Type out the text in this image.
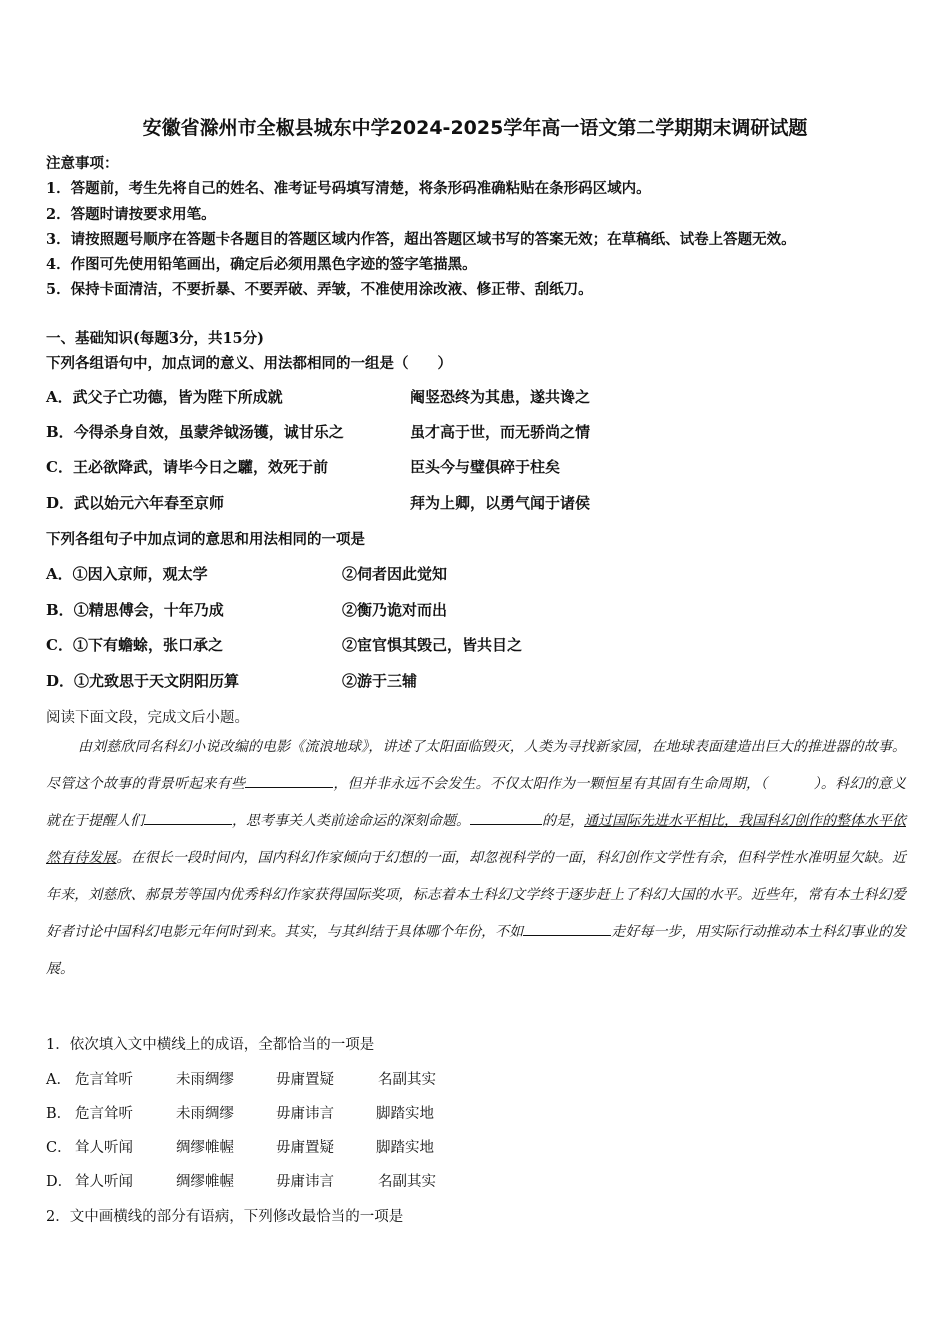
安徽省滁州市全椒县城东中学2024-2025学年高一语文第二学期期末调研试题
注意事项：
1．答题前，考生先将自己的姓名、准考证号码填写清楚，将条形码准确粘贴在条形码区域内。
2．答题时请按要求用笔。
3．请按照题号顺序在答题卡各题目的答题区域内作答，超出答题区域书写的答案无效；在草稿纸、试卷上答题无效。
4．作图可先使用铅笔画出，确定后必须用黑色字迹的签字笔描黑。
5．保持卡面清洁，不要折暴、不要弄破、弄皱，不准使用涂改液、修正带、刮纸刀。
一、基础知识(每题3分，共15分)
下列各组语句中，加点词的意义、用法都相同的一组是（　　）
A．武父子亡功德，皆为陛下所成就	阉竖恐终为其患，遂共谗之
B．今得杀身自效，虽蒙斧钺汤镬，诚甘乐之	虽才高于世，而无骄尚之情
C．王必欲降武，请毕今日之驩，效死于前	臣头今与璧俱碎于柱矣
D．武以始元六年春至京师	拜为上卿，以勇气闻于诸侯
下列各组句子中加点词的意思和用法相同的一项是
A．①因入京师，观太学	②伺者因此觉知
B．①精思傅会，十年乃成	②衡乃诡对而出
C．①下有蟾蜍，张口承之	②宦官惧其毁己，皆共目之
D．①尤致思于天文阴阳历算	②游于三辅
阅读下面文段，完成文后小题。
由刘慈欣同名科幻小说改编的电影《流浪地球》，讲述了太阳面临毁灭，人类为寻找新家园，在地球表面建造出巨大的推进器的故事。尽管这个故事的背景听起来有些	，但并非永远不会发生。不仅太阳作为一颗恒星有其固有生命周期，（	）。科幻的意义就在于提醒人们	，思考事关人类前途命运的深刻命题。	的是，通过国际先进水平相比，我国科幻创作的整体水平依然有待发展。在很长一段时间内，国内科幻作家倾向于幻想的一面，却忽视科学的一面，科幻创作文学性有余，但科学性水准明显欠缺。近年来，刘慈欣、郝景芳等国内优秀科幻作家获得国际奖项，标志着本土科幻文学终于逐步赶上了科幻大国的水平。近些年，常有本土科幻爱好者讨论中国科幻电影元年何时到来。其实，与其纠结于具体哪个年份，不如	走好每一步，用实际行动推动本土科幻事业的发展。
1．依次填入文中横线上的成语，全都恰当的一项是
A． 危言耸听	未雨绸缪	毋庸置疑	名副其实
B． 危言耸听	未雨绸缪	毋庸讳言	脚踏实地
C． 耸人听闻	绸缪帷幄	毋庸置疑	脚踏实地
D． 耸人听闻	绸缪帷幄	毋庸讳言	名副其实
2．文中画横线的部分有语病，下列修改最恰当的一项是
